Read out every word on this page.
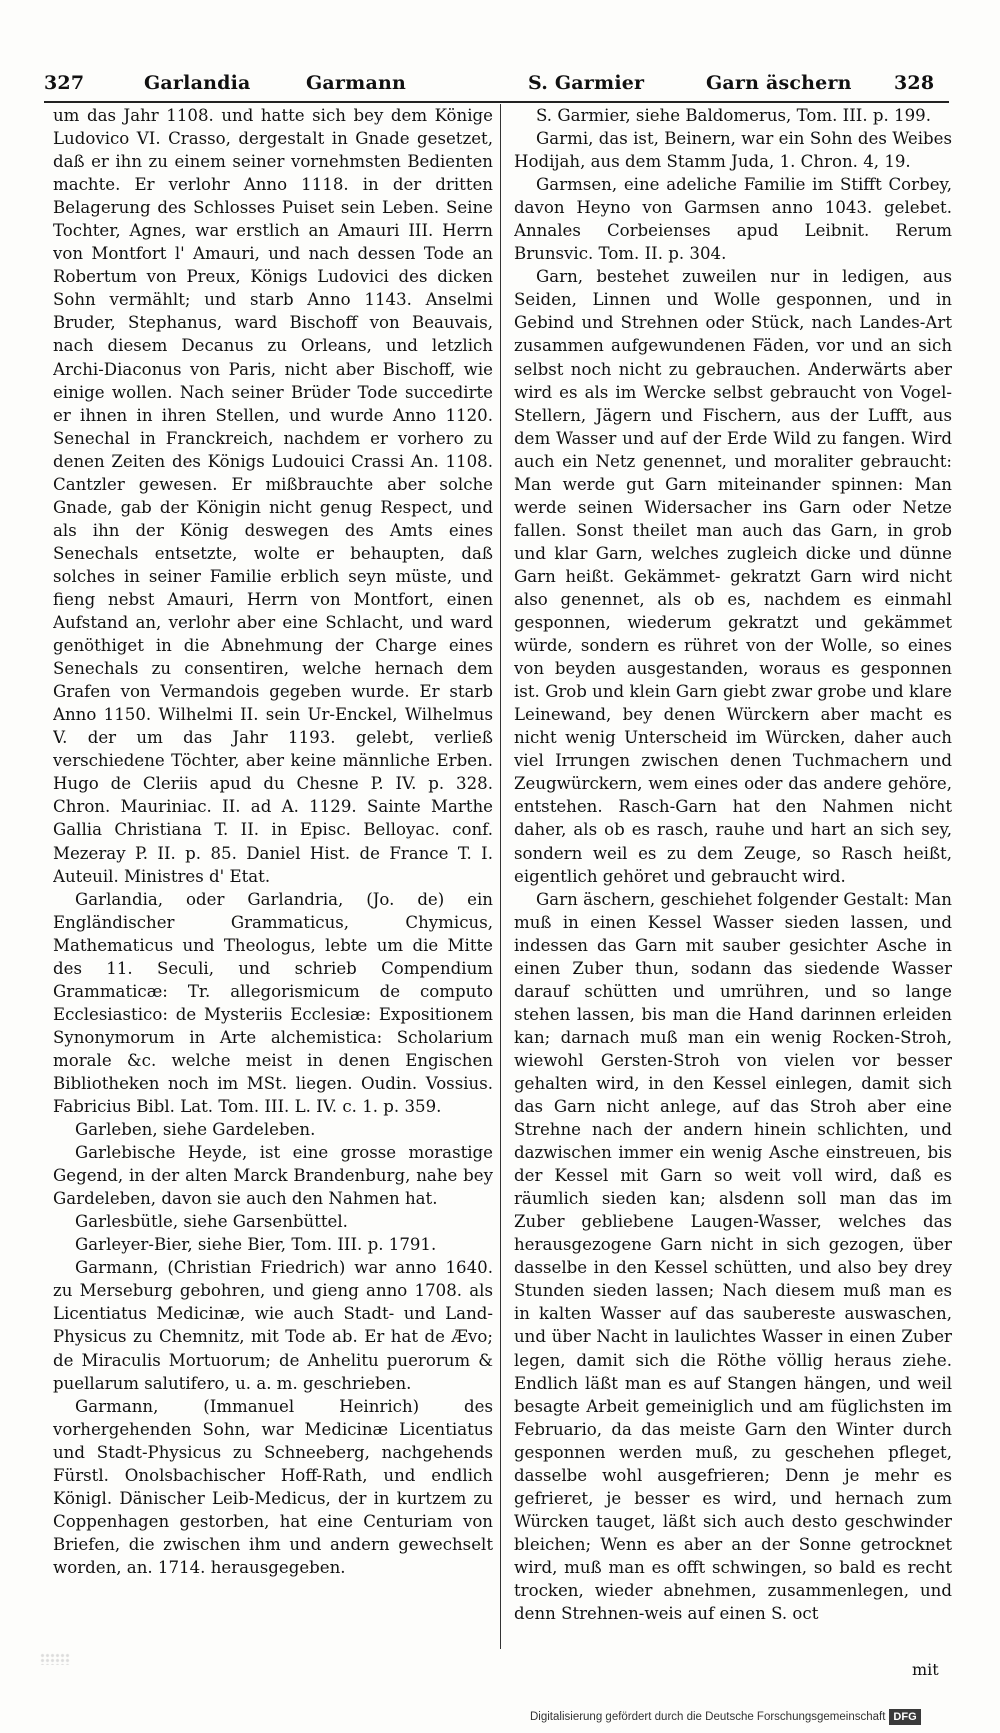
327	Garlandia	Garmann	S. Garmier	Garn äschern 328

um das Jahr 1108. und hatte sich bey dem Könige Ludovico VI. Crasso, dergestalt in Gnade gesetzet, daß er ihn zu einem seiner vornehmsten Bedienten machte. Er verlohr Anno 1118. in der dritten Belagerung des Schlosses Puiset sein Leben. Seine Tochter, Agnes, war erstlich an Amauri III. Herrn von Montfort l' Amauri, und nach dessen Tode an Robertum von Preux, Königs Ludovici des dicken Sohn vermählt; und starb Anno 1143. Anselmi Bruder, Stephanus, ward Bischoff von Beauvais, nach diesem Decanus zu Orleans, und letzlich Archi-Diaconus von Paris, nicht aber Bischoff, wie einige wollen. Nach seiner Brüder Tode succedirte er ihnen in ihren Stellen, und wurde Anno 1120. Senechal in Franckreich, nachdem er vorhero zu denen Zeiten des Königs Ludouici Crassi An. 1108. Cantzler gewesen. Er mißbrauchte aber solche Gnade, gab der Königin nicht genug Respect, und als ihn der König deswegen des Amts eines Senechals entsetzte, wolte er behaupten, daß solches in seiner Familie erblich seyn müste, und fieng nebst Amauri, Herrn von Montfort, einen Aufstand an, verlohr aber eine Schlacht, und ward genöthiget in die Abnehmung der Charge eines Senechals zu consentiren, welche hernach dem Grafen von Vermandois gegeben wurde. Er starb Anno 1150. Wilhelmi II. sein Ur-Enckel, Wilhelmus V. der um das Jahr 1193. gelebt, verließ verschiedene Töchter, aber keine männliche Erben. Hugo de Cleriis apud du Chesne P. IV. p. 328. Chron. Mauriniac. II. ad A. 1129. Sainte Marthe Gallia Christiana T. II. in Episc. Belloyac. conf. Mezeray P. II. p. 85. Daniel Hist. de France T. I. Auteuil. Ministres d' Etat.

Garlandia, oder Garlandria, (Jo. de) ein Engländischer Grammaticus, Chymicus, Mathematicus und Theologus, lebte um die Mitte des 11. Seculi, und schrieb Compendium Grammaticæ: Tr. allegorismicum de computo Ecclesiastico: de Mysteriis Ecclesiæ: Expositionem Synonymorum in Arte alchemistica: Scholarium morale &c. welche meist in denen Engischen Bibliotheken noch im MSt. liegen. Oudin. Vossius. Fabricius Bibl. Lat. Tom. III. L. IV. c. 1. p. 359.

Garleben, siehe Gardeleben.

Garlebische Heyde, ist eine grosse morastige Gegend, in der alten Marck Brandenburg, nahe bey Gardeleben, davon sie auch den Nahmen hat.

Garlesbütle, siehe Garsenbüttel.

Garleyer-Bier, siehe Bier, Tom. III. p. 1791.

Garmann, (Christian Friedrich) war anno 1640. zu Merseburg gebohren, und gieng anno 1708. als Licentiatus Medicinæ, wie auch Stadt- und Land-Physicus zu Chemnitz, mit Tode ab. Er hat de Ævo; de Miraculis Mortuorum; de Anhelitu puerorum & puellarum salutifero, u. a. m. geschrieben.

Garmann, (Immanuel Heinrich) des vorhergehenden Sohn, war Medicinæ Licentiatus und Stadt-Physicus zu Schneeberg, nachgehends Fürstl. Onolsbachischer Hoff-Rath, und endlich Königl. Dänischer Leib-Medicus, der in kurtzem zu Coppenhagen gestorben, hat eine Centuriam von Briefen, die zwischen ihm und andern gewechselt worden, an. 1714. herausgegeben.

S. Garmier, siehe Baldomerus, Tom. III. p. 199.

Garmi, das ist, Beinern, war ein Sohn des Weibes Hodijah, aus dem Stamm Juda, 1. Chron. 4, 19.

Garmsen, eine adeliche Familie im Stifft Corbey, davon Heyno von Garmsen anno 1043. gelebet. Annales Corbeienses apud Leibnit. Rerum Brunsvic. Tom. II. p. 304.

Garn, bestehet zuweilen nur in ledigen, aus Seiden, Linnen und Wolle gesponnen, und in Gebind und Strehnen oder Stück, nach Landes-Art zusammen aufgewundenen Fäden, vor und an sich selbst noch nicht zu gebrauchen. Anderwärts aber wird es als im Wercke selbst gebraucht von Vogel-Stellern, Jägern und Fischern, aus der Lufft, aus dem Wasser und auf der Erde Wild zu fangen. Wird auch ein Netz genennet, und moraliter gebraucht: Man werde gut Garn miteinander spinnen: Man werde seinen Widersacher ins Garn oder Netze fallen. Sonst theilet man auch das Garn, in grob und klar Garn, welches zugleich dicke und dünne Garn heißt. Gekämmet- gekratzt Garn wird nicht also genennet, als ob es, nachdem es einmahl gesponnen, wiederum gekratzt und gekämmet würde, sondern es rühret von der Wolle, so eines von beyden ausgestanden, woraus es gesponnen ist. Grob und klein Garn giebt zwar grobe und klare Leinewand, bey denen Würckern aber macht es nicht wenig Unterscheid im Würcken, daher auch viel Irrungen zwischen denen Tuchmachern und Zeugwürckern, wem eines oder das andere gehöre, entstehen. Rasch-Garn hat den Nahmen nicht daher, als ob es rasch, rauhe und hart an sich sey, sondern weil es zu dem Zeuge, so Rasch heißt, eigentlich gehöret und gebraucht wird.

Garn äschern, geschiehet folgender Gestalt: Man muß in einen Kessel Wasser sieden lassen, und indessen das Garn mit sauber gesichter Asche in einen Zuber thun, sodann das siedende Wasser darauf schütten und umrühren, und so lange stehen lassen, bis man die Hand darinnen erleiden kan; darnach muß man ein wenig Rocken-Stroh, wiewohl Gersten-Stroh von vielen vor besser gehalten wird, in den Kessel einlegen, damit sich das Garn nicht anlege, auf das Stroh aber eine Strehne nach der andern hinein schlichten, und dazwischen immer ein wenig Asche einstreuen, bis der Kessel mit Garn so weit voll wird, daß es räumlich sieden kan; alsdenn soll man das im Zuber gebliebene Laugen-Wasser, welches das herausgezogene Garn nicht in sich gezogen, über dasselbe in den Kessel schütten, und also bey drey Stunden sieden lassen; Nach diesem muß man es in kalten Wasser auf das saubereste auswaschen, und über Nacht in laulichtes Wasser in einen Zuber legen, damit sich die Röthe völlig heraus ziehe. Endlich läßt man es auf Stangen hängen, und weil besagte Arbeit gemeiniglich und am füglichsten im Februario, da das meiste Garn den Winter durch gesponnen werden muß, zu geschehen pfleget, dasselbe wohl ausgefrieren; Denn je mehr es gefrieret, je besser es wird, und hernach zum Würcken tauget, läßt sich auch desto geschwinder bleichen; Wenn es aber an der Sonne getrocknet wird, muß man es offt schwingen, so bald es recht trocken, wieder abnehmen, zusammenlegen, und denn Strehnen-weis auf einen S. oct

mit
Digitalisierung gefördert durch die Deutsche Forschungsgemeinschaft DFG
